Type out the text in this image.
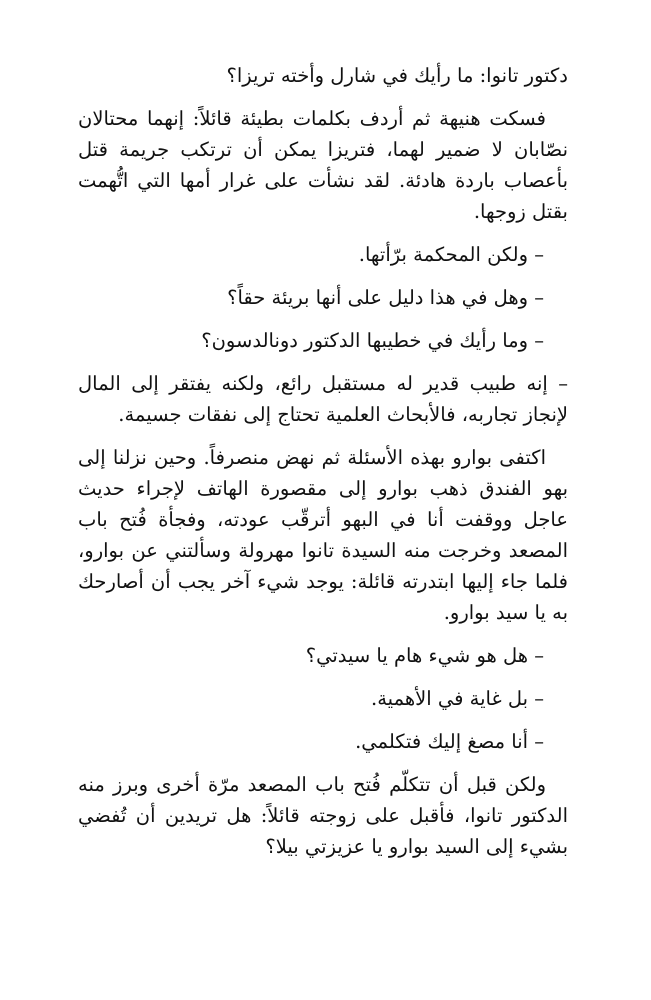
دكتور تانوا: ما رأيك في شارل وأخته تريزا؟

فسكت هنيهة ثم أردف بكلمات بطيئة قائلاً: إنهما محتالان نصّابان لا ضمير لهما، فتريزا يمكن أن ترتكب جريمة قتل بأعصاب باردة هادئة. لقد نشأت على غرار أمها التي اتُّهمت بقتل زوجها.

– ولكن المحكمة برّأتها.

– وهل في هذا دليل على أنها بريئة حقاً؟

– وما رأيك في خطيبها الدكتور دونالدسون؟

– إنه طبيب قدير له مستقبل رائع، ولكنه يفتقر إلى المال لإنجاز تجاربه، فالأبحاث العلمية تحتاج إلى نفقات جسيمة.

اكتفى بوارو بهذه الأسئلة ثم نهض منصرفاً. وحين نزلنا إلى بهو الفندق ذهب بوارو إلى مقصورة الهاتف لإجراء حديث عاجل ووقفت أنا في البهو أترقّب عودته، وفجأة فُتح باب المصعد وخرجت منه السيدة تانوا مهرولة وسألتني عن بوارو، فلما جاء إليها ابتدرته قائلة: يوجد شيء آخر يجب أن أصارحك به يا سيد بوارو.

– هل هو شيء هام يا سيدتي؟

– بل غاية في الأهمية.

– أنا مصغ إليك فتكلمي.

ولكن قبل أن تتكلّم فُتح باب المصعد مرّة أخرى وبرز منه الدكتور تانوا، فأقبل على زوجته قائلاً: هل تريدين أن تُفضي بشيء إلى السيد بوارو يا عزيزتي بيلا؟
